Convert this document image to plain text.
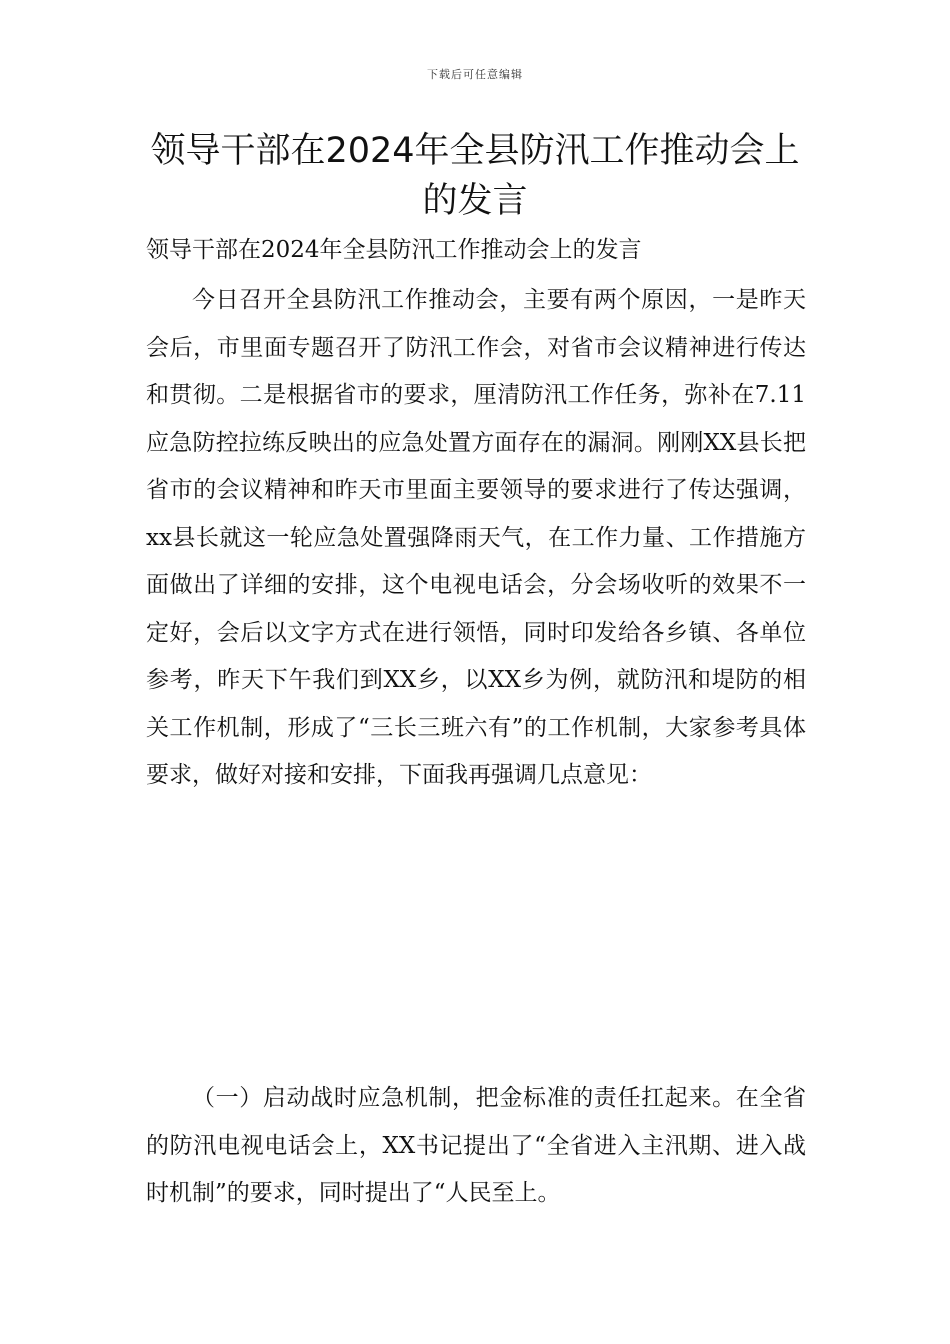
下载后可任意编辑
领导干部在2024年全县防汛工作推动会上的发言

领导干部在2024年全县防汛工作推动会上的发言

今日召开全县防汛工作推动会，主要有两个原因，一是昨天会后，市里面专题召开了防汛工作会，对省市会议精神进行传达和贯彻。二是根据省市的要求，厘清防汛工作任务，弥补在7.11应急防控拉练反映出的应急处置方面存在的漏洞。刚刚XX县长把省市的会议精神和昨天市里面主要领导的要求进行了传达强调，xx县长就这一轮应急处置强降雨天气，在工作力量、工作措施方面做出了详细的安排，这个电视电话会，分会场收听的效果不一定好，会后以文字方式在进行领悟，同时印发给各乡镇、各单位参考，昨天下午我们到XX乡，以XX乡为例，就防汛和堤防的相关工作机制，形成了“三长三班六有”的工作机制，大家参考具体要求，做好对接和安排，下面我再强调几点意见：

（一）启动战时应急机制，把金标准的责任扛起来。在全省的防汛电视电话会上，XX书记提出了“全省进入主汛期、进入战时机制”的要求，同时提出了“人民至上。
